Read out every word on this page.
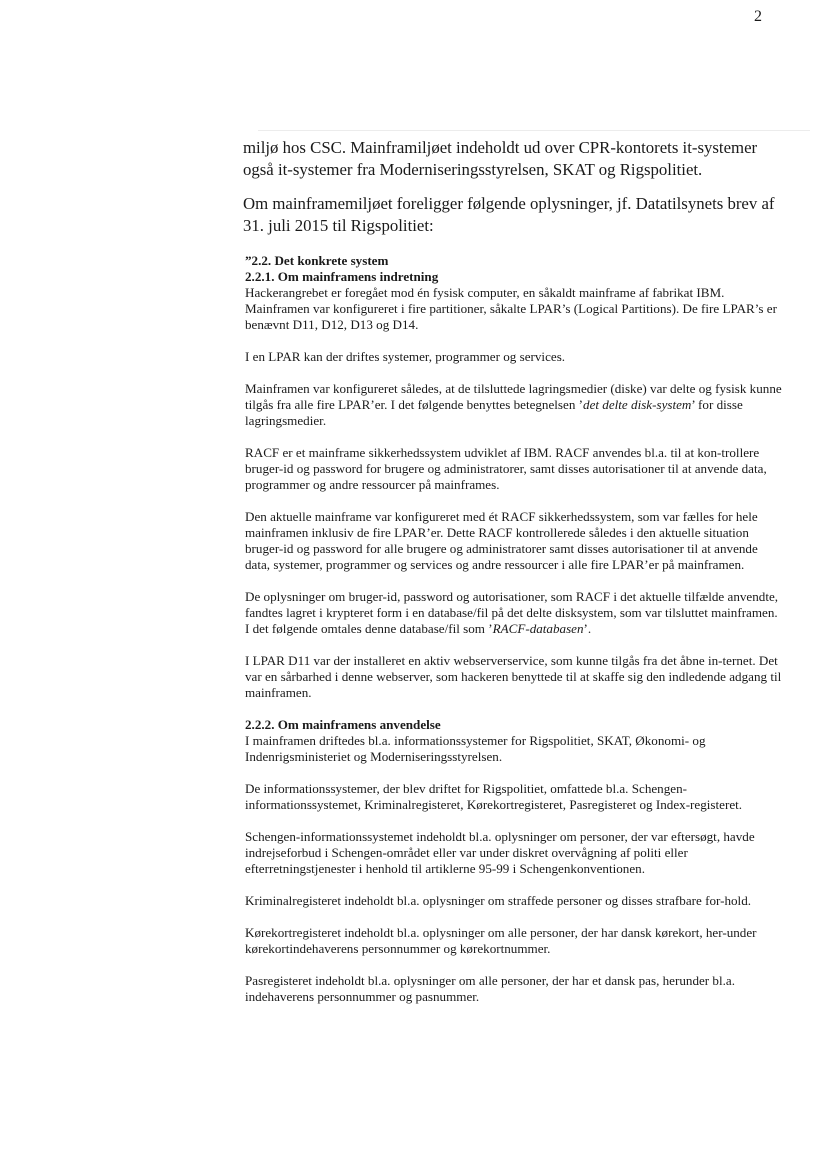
2

miljø hos CSC. Mainframiljøet indeholdt ud over CPR-kontorets it-systemer også it-systemer fra Moderniseringsstyrelsen, SKAT og Rigspolitiet.

Om mainframemiljøet foreligger følgende oplysninger, jf. Datatilsynets brev af 31. juli 2015 til Rigspolitiet:

”2.2. Det konkrete system

2.2.1. Om mainframens indretning

Hackerangrebet er foregået mod én fysisk computer, en såkaldt mainframe af fabrikat IBM. Mainframen var konfigureret i fire partitioner, såkalte LPAR’s (Logical Partitions). De fire LPAR’s er benævnt D11, D12, D13 og D14.

I en LPAR kan der driftes systemer, programmer og services.

Mainframen var konfigureret således, at de tilsluttede lagringsmedier (diske) var delte og fysisk kunne tilgås fra alle fire LPAR’er. I det følgende benyttes betegnelsen ’det delte disk-system’ for disse lagringsmedier.

RACF er et mainframe sikkerhedssystem udviklet af IBM. RACF anvendes bl.a. til at kon-trollere bruger-id og password for brugere og administratorer, samt disses autorisationer til at anvende data, programmer og andre ressourcer på mainframes.

Den aktuelle mainframe var konfigureret med ét RACF sikkerhedssystem, som var fælles for hele mainframen inklusiv de fire LPAR’er. Dette RACF kontrollerede således i den aktuelle situation bruger-id og password for alle brugere og administratorer samt disses autorisationer til at anvende data, systemer, programmer og services og andre ressourcer i alle fire LPAR’er på mainframen.

De oplysninger om bruger-id, password og autorisationer, som RACF i det aktuelle tilfælde anvendte, fandtes lagret i krypteret form i en database/fil på det delte disksystem, som var tilsluttet mainframen. I det følgende omtales denne database/fil som ’RACF-databasen’.

I LPAR D11 var der installeret en aktiv webserverservice, som kunne tilgås fra det åbne in-ternet. Det var en sårbarhed i denne webserver, som hackeren benyttede til at skaffe sig den indledende adgang til mainframen.

2.2.2. Om mainframens anvendelse

I mainframen driftedes bl.a. informationssystemer for Rigspolitiet, SKAT, Økonomi- og Indenrigsministeriet og Moderniseringsstyrelsen.

De informationssystemer, der blev driftet for Rigspolitiet, omfattede bl.a. Schengen-informationssystemet, Kriminalregisteret, Kørekortregisteret, Pasregisteret og Index-registeret.

Schengen-informationssystemet indeholdt bl.a. oplysninger om personer, der var eftersøgt, havde indrejseforbud i Schengen-området eller var under diskret overvågning af politi eller efterretningstjenester i henhold til artiklerne 95-99 i Schengenkonventionen.

Kriminalregisteret indeholdt bl.a. oplysninger om straffede personer og disses strafbare for-hold.

Kørekortregisteret indeholdt bl.a. oplysninger om alle personer, der har dansk kørekort, her-under kørekortindehaverens personnummer og kørekortnummer.

Pasregisteret indeholdt bl.a. oplysninger om alle personer, der har et dansk pas, herunder bl.a. indehaverens personnummer og pasnummer.
